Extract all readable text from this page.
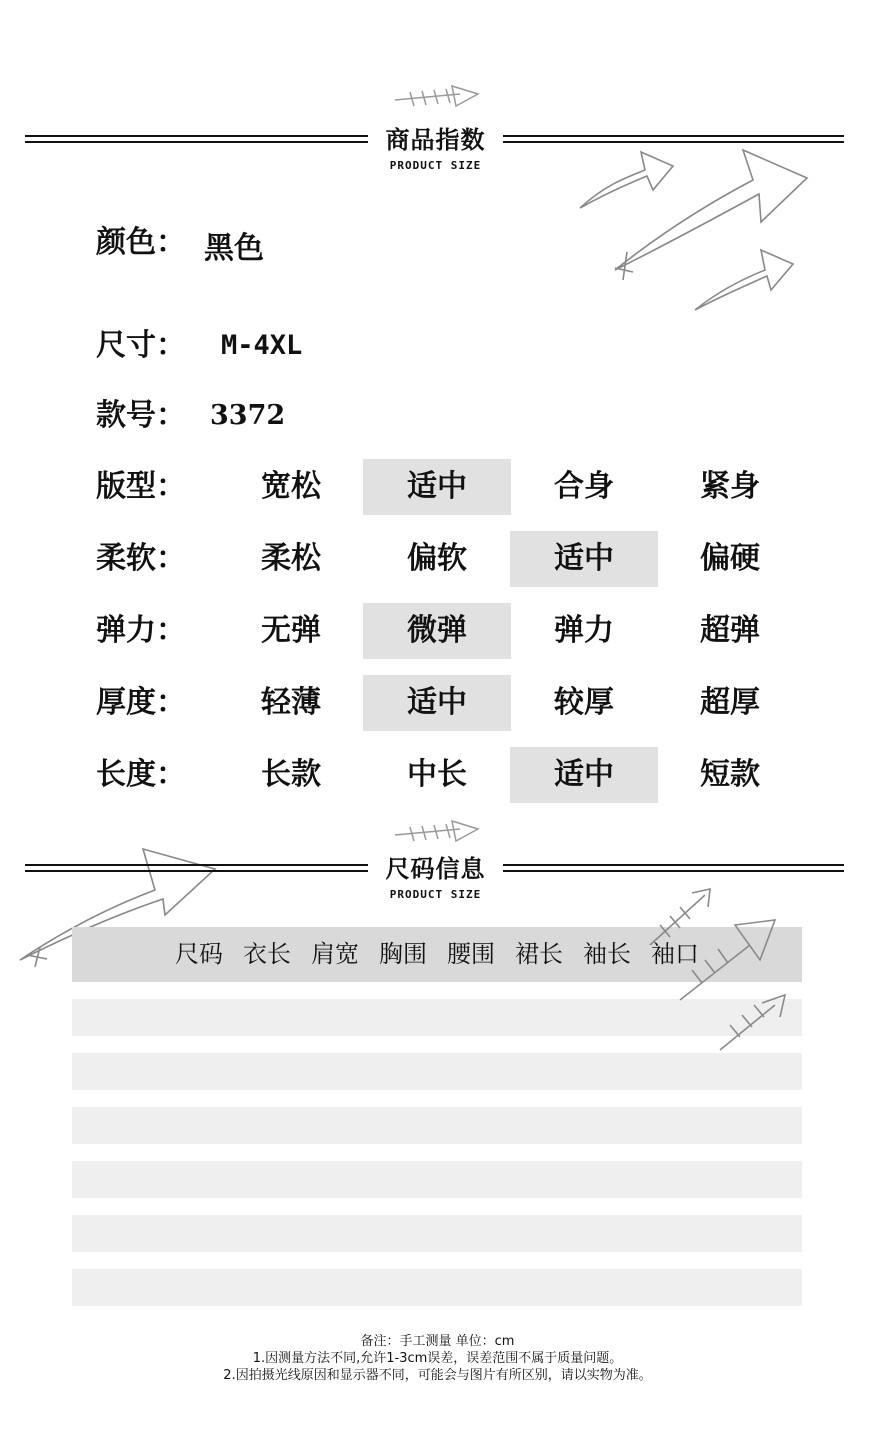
商品指数
PRODUCT SIZE
颜色： 黑色
尺寸： M-4XL
款号： 3372
版型：	宽松	适中	合身	紧身
柔软：	柔松	偏软	适中	偏硬
弹力：	无弹	微弹	弹力	超弹
厚度：	轻薄	适中	较厚	超厚
长度：	长款	中长	适中	短款
尺码信息
PRODUCT SIZE
尺码 衣长 肩宽 胸围 腰围 裙长 袖长 袖口
备注：手工测量 单位：cm
1.因测量方法不同,允许1-3cm误差，误差范围不属于质量问题。
2.因拍摄光线原因和显示器不同，可能会与图片有所区别，请以实物为准。
